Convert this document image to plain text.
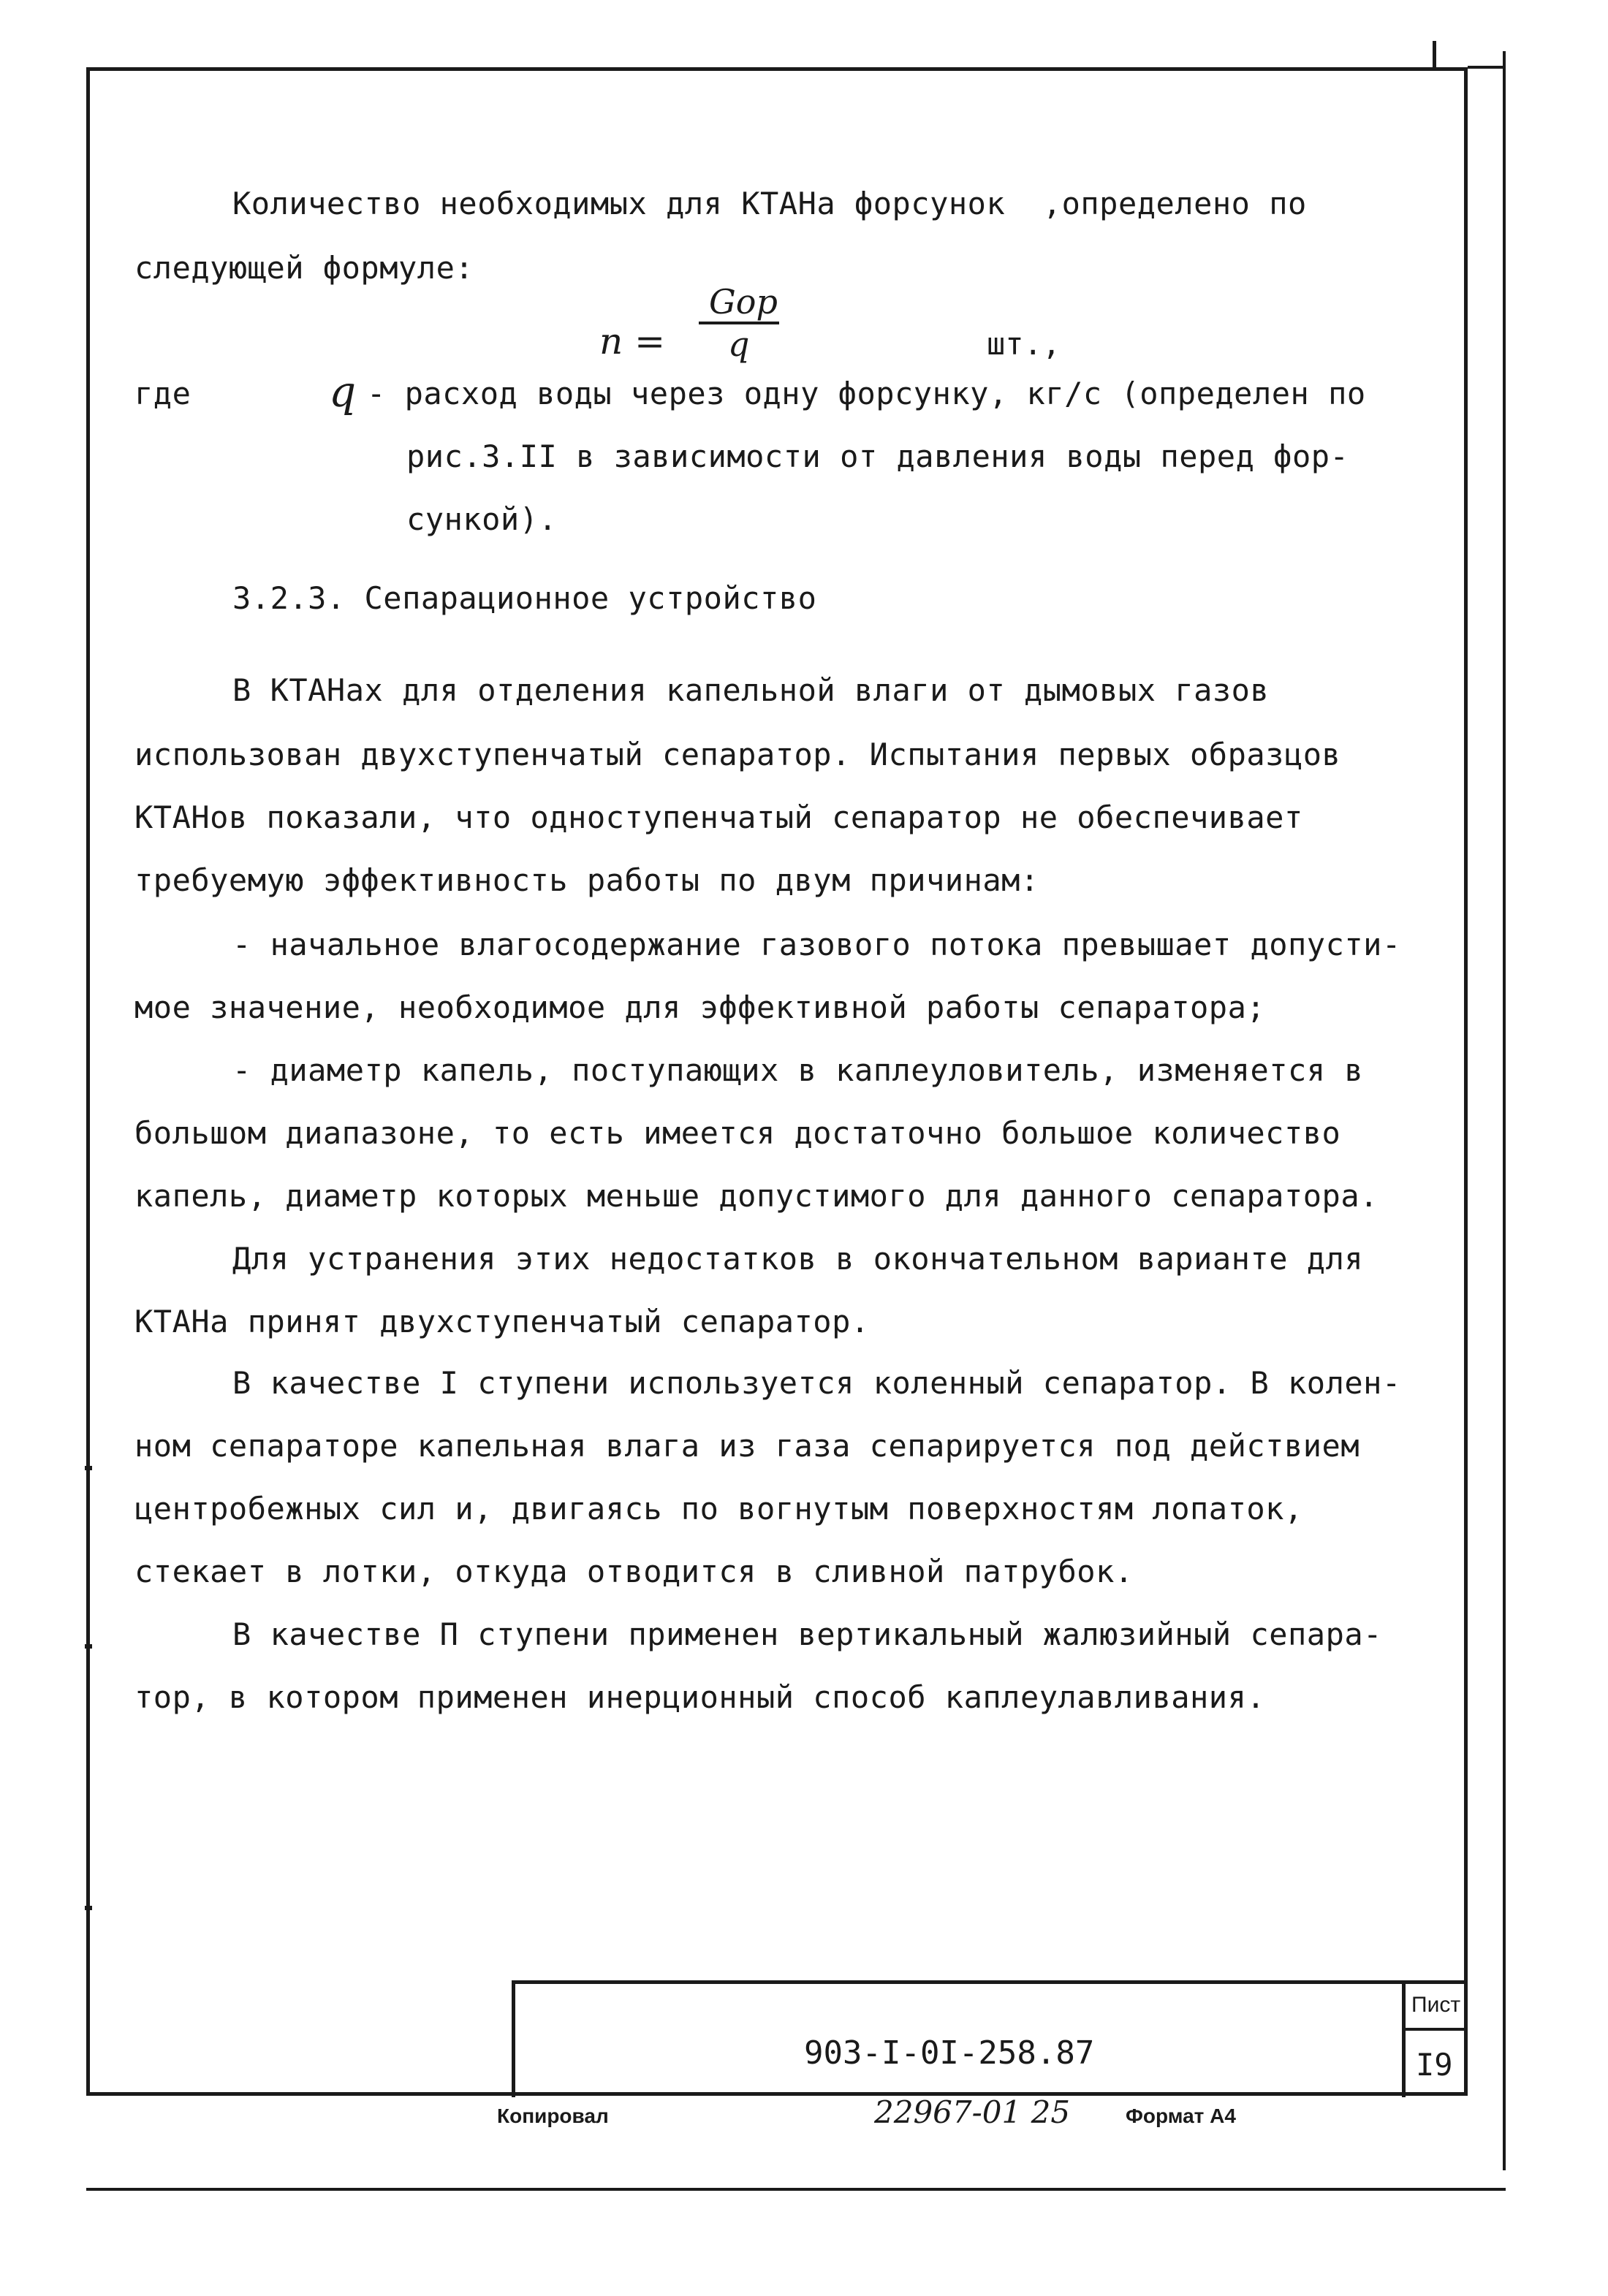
Количество необходимых для КТАНа форсунок  ,определено по
следующей формуле:
n =
Gор
q	шт.,
где	q - расход воды через одну форсунку, кг/с (определен по
рис.3.II в зависимости от давления воды перед фор-
сункой).
3.2.3. Сепарационное устройство
В КТАНах для отделения капельной влаги от дымовых газов
использован двухступенчатый сепаратор. Испытания первых образцов
КТАНов показали, что одноступенчатый сепаратор не обеспечивает
требуемую эффективность работы по двум причинам:
- начальное влагосодержание газового потока превышает допусти-
мое значение, необходимое для эффективной работы сепаратора;
- диаметр капель, поступающих в каплеуловитель, изменяется в
большом диапазоне, то есть имеется достаточно большое количество
капель, диаметр которых меньше допустимого для данного сепаратора.
Для устранения этих недостатков в окончательном варианте для
КТАНа принят двухступенчатый сепаратор.
В качестве I ступени используется коленный сепаратор. В колен-
ном сепараторе капельная влага из газа сепарируется под действием
центробежных сил и, двигаясь по вогнутым поверхностям лопаток,
стекает в лотки, откуда отводится в сливной патрубок.
В качестве П ступени применен вертикальный жалюзийный сепара-
тор, в котором применен инерционный способ каплеулавливания.
903-I-0I-258.87
Пист
I9
Копировал	22967-01 25	Формат А4
